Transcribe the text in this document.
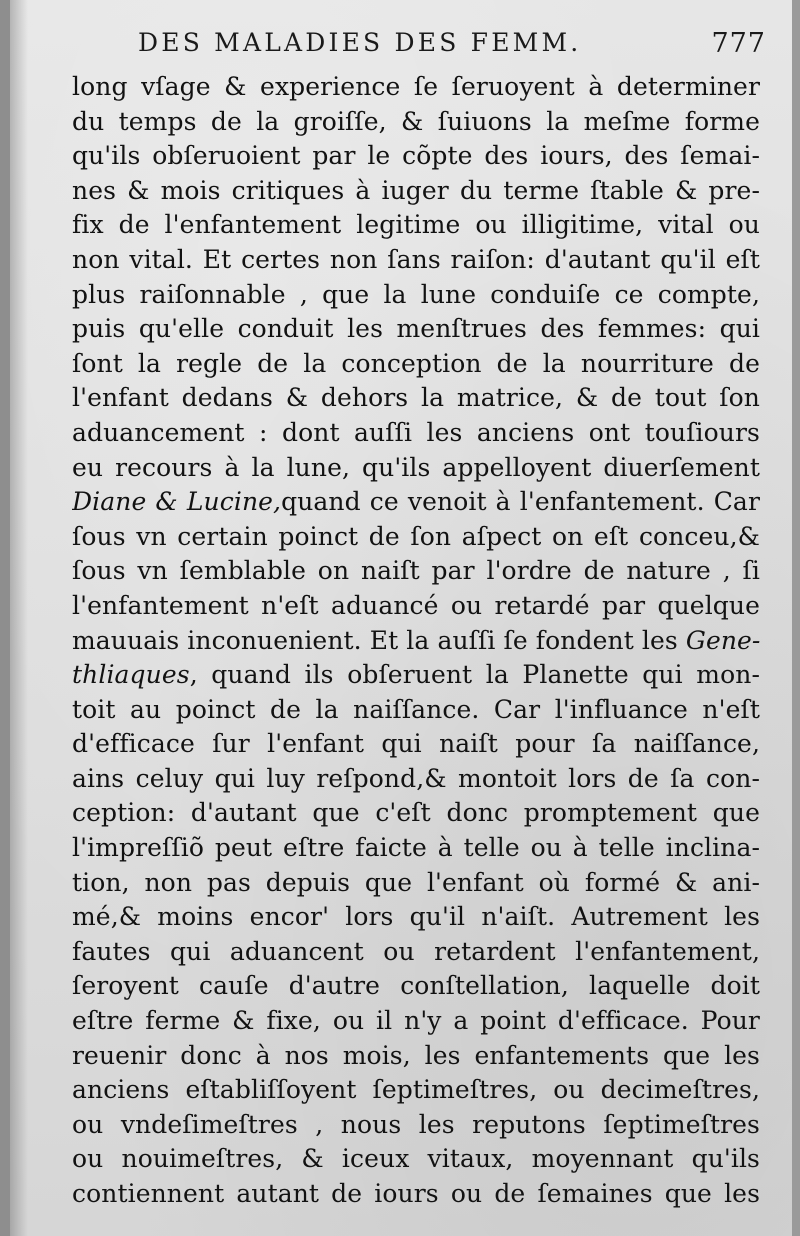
DES MALADIES DES FEMM.	777
long vſage & experience ſe ſeruoyent à determiner
du temps de la groiſſe, & ſuiuons la meſme forme
qu'ils obſeruoient par le cõpte des iours, des ſemai-
nes & mois critiques à iuger du terme ſtable & pre-
fix de l'enfantement legitime ou illigitime, vital ou
non vital. Et certes non ſans raiſon: d'autant qu'il eſt
plus raiſonnable , que la lune conduiſe ce compte,
puis qu'elle conduit les menſtrues des femmes: qui
ſont la regle de la conception de la nourriture de
l'enfant dedans & dehors la matrice, & de tout ſon
aduancement : dont auſſi les anciens ont touſiours
eu recours à la lune, qu'ils appelloyent diuerſement
Diane & Lucine,quand ce venoit à l'enfantement. Car
ſous vn certain poinct de ſon aſpect on eſt conceu,&
ſous vn ſemblable on naiſt par l'ordre de nature , ſi
l'enfantement n'eſt aduancé ou retardé par quelque
mauuais inconuenient. Et la auſſi ſe fondent les Gene-
thliaques, quand ils obſeruent la Planette qui mon-
toit au poinct de la naiſſance. Car l'influance n'eſt
d'efficace ſur l'enfant qui naiſt pour ſa naiſſance,
ains celuy qui luy reſpond,& montoit lors de ſa con-
ception: d'autant que c'eſt donc promptement que
l'impreſſiõ peut eſtre faicte à telle ou à telle inclina-
tion, non pas depuis que l'enfant où formé & ani-
mé,& moins encor' lors qu'il n'aiſt. Autrement les
fautes qui aduancent ou retardent l'enfantement,
ſeroyent cauſe d'autre conſtellation, laquelle doit
eſtre ferme & fixe, ou il n'y a point d'efficace. Pour
reuenir donc à nos mois, les enfantements que les
anciens eſtabliſſoyent ſeptimeſtres, ou decimeſtres,
ou vndeſimeſtres , nous les reputons ſeptimeſtres
ou nouimeſtres, & iceux vitaux, moyennant qu'ils
contiennent autant de iours ou de ſemaines que les
